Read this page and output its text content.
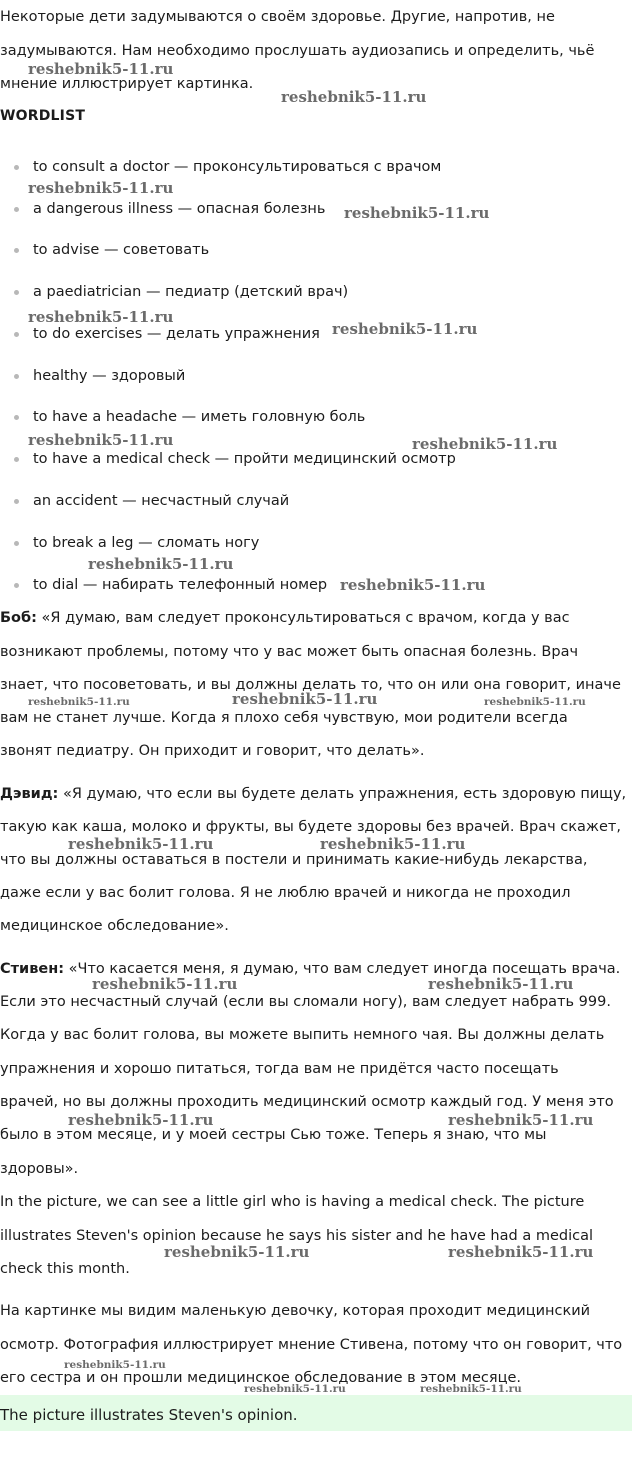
Некоторые дети задумываются о своём здоровье. Другие, напротив, не
задумываются. Нам необходимо прослушать аудиозапись и определить, чьё
мнение иллюстрирует картинка.
WORDLIST
to consult a doctor — проконсультироваться с врачом
a dangerous illness — опасная болезнь
to advise — советовать
a paediatrician — педиатр (детский врач)
to do exercises — делать упражнения
healthy — здоровый
to have a headache — иметь головную боль
to have a medical check — пройти медицинский осмотр
an accident — несчастный случай
to break a leg — сломать ногу
to dial — набирать телефонный номер
Боб: «Я думаю, вам следует проконсультироваться с врачом, когда у вас
возникают проблемы, потому что у вас может быть опасная болезнь. Врач
знает, что посоветовать, и вы должны делать то, что он или она говорит, иначе
вам не станет лучше. Когда я плохо себя чувствую, мои родители всегда
звонят педиатру. Он приходит и говорит, что делать».
Дэвид: «Я думаю, что если вы будете делать упражнения, есть здоровую пищу,
такую как каша, молоко и фрукты, вы будете здоровы без врачей. Врач скажет,
что вы должны оставаться в постели и принимать какие-нибудь лекарства,
даже если у вас болит голова. Я не люблю врачей и никогда не проходил
медицинское обследование».
Стивен: «Что касается меня, я думаю, что вам следует иногда посещать врача.
Если это несчастный случай (если вы сломали ногу), вам следует набрать 999.
Когда у вас болит голова, вы можете выпить немного чая. Вы должны делать
упражнения и хорошо питаться, тогда вам не придётся часто посещать
врачей, но вы должны проходить медицинский осмотр каждый год. У меня это
было в этом месяце, и у моей сестры Сью тоже. Теперь я знаю, что мы
здоровы».
In the picture, we can see a little girl who is having a medical check. The picture
illustrates Steven's opinion because he says his sister and he have had a medical
check this month.
На картинке мы видим маленькую девочку, которая проходит медицинский
осмотр. Фотография иллюстрирует мнение Стивена, потому что он говорит, что
его сестра и он прошли медицинское обследование в этом месяце.
The picture illustrates Steven's opinion.
reshebnik5-11.ru
reshebnik5-11.ru
reshebnik5-11.ru
reshebnik5-11.ru
reshebnik5-11.ru
reshebnik5-11.ru
reshebnik5-11.ru	reshebnik5-11.ru
reshebnik5-11.ru
reshebnik5-11.ru
reshebnik5-11.ru	reshebnik5-11.ru	reshebnik5-11.ru
reshebnik5-11.ru	reshebnik5-11.ru
reshebnik5-11.ru	reshebnik5-11.ru
reshebnik5-11.ru	reshebnik5-11.ru
reshebnik5-11.ru	reshebnik5-11.ru
reshebnik5-11.ru
reshebnik5-11.ru	reshebnik5-11.ru
